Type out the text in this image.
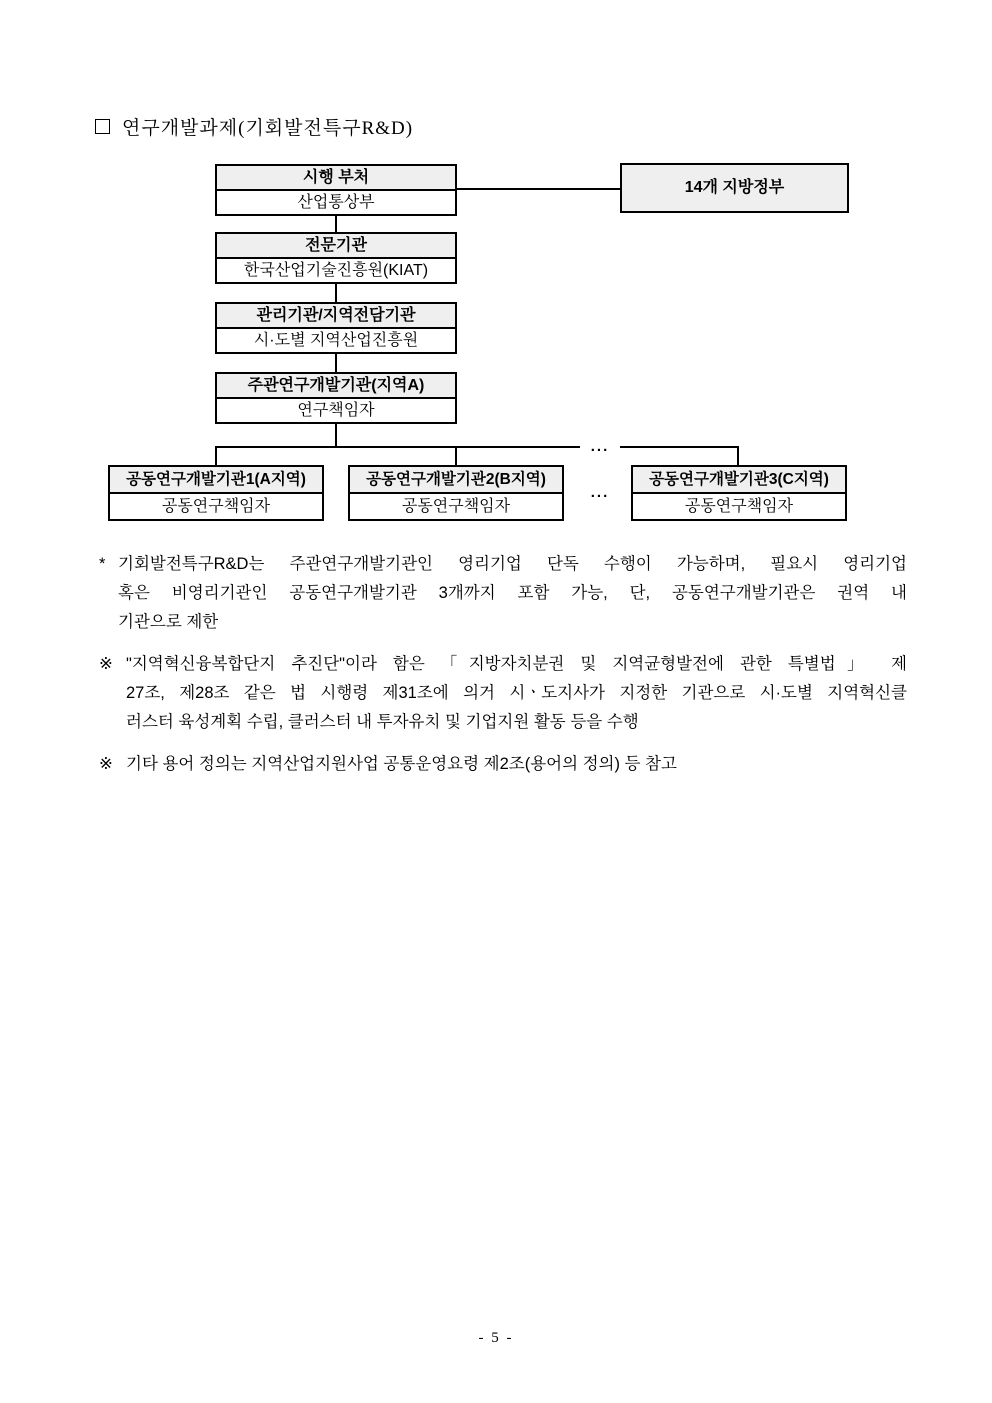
연구개발과제(기회발전특구R&D)
시행 부처
산업통상부
14개 지방정부
전문기관
한국산업기술진흥원(KIAT)
관리기관/지역전담기관
시·도별 지역산업진흥원
주관연구개발기관(지역A)
연구책임자
...
...
공동연구개발기관1(A지역)
공동연구책임자
공동연구개발기관2(B지역)
공동연구책임자
공동연구개발기관3(C지역)
공동연구책임자
* 기회발전특구R&D는 주관연구개발기관인 영리기업 단독 수행이 가능하며, 필요시 영리기업
혹은 비영리기관인 공동연구개발기관 3개까지 포함 가능, 단, 공동연구개발기관은 권역 내
기관으로 제한
※ "지역혁신융복합단지 추진단"이라 함은 「지방자치분권 및 지역균형발전에 관한 특별법」 제
27조, 제28조 같은 법 시행령 제31조에 의거 시ㆍ도지사가 지정한 기관으로 시·도별 지역혁신클
러스터 육성계획 수립, 클러스터 내 투자유치 및 기업지원 활동 등을 수행
※ 기타 용어 정의는 지역산업지원사업 공통운영요령 제2조(용어의 정의) 등 참고
- 5 -
